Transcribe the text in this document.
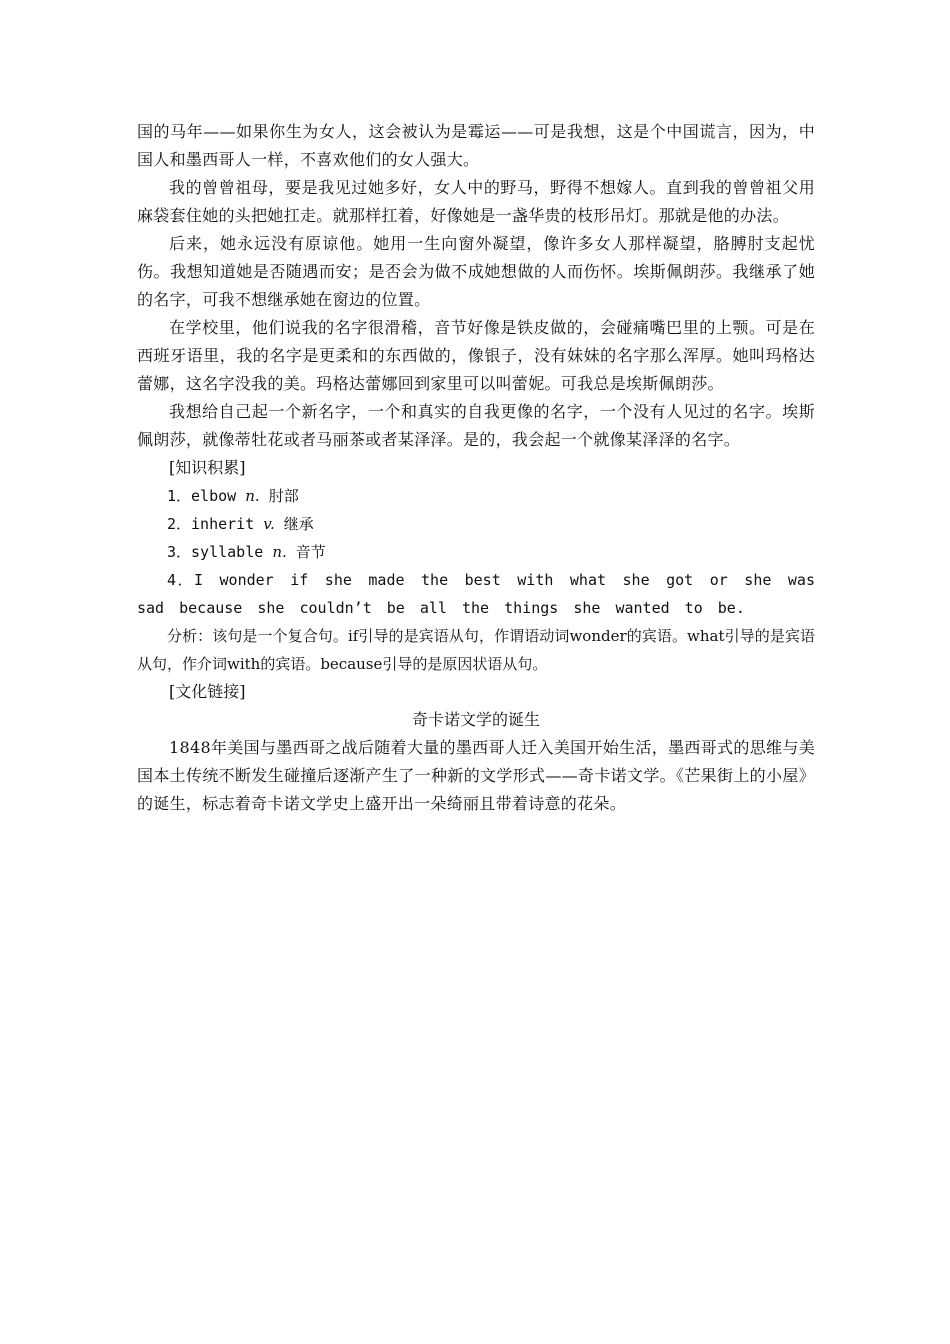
国的马年——如果你生为女人，这会被认为是霉运——可是我想，这是个中国谎言，因为，中国人和墨西哥人一样，不喜欢他们的女人强大。

我的曾曾祖母，要是我见过她多好，女人中的野马，野得不想嫁人。直到我的曾曾祖父用麻袋套住她的头把她扛走。就那样扛着，好像她是一盏华贵的枝形吊灯。那就是他的办法。

后来，她永远没有原谅他。她用一生向窗外凝望，像许多女人那样凝望，胳膊肘支起忧伤。我想知道她是否随遇而安；是否会为做不成她想做的人而伤怀。埃斯佩朗莎。我继承了她的名字，可我不想继承她在窗边的位置。

在学校里，他们说我的名字很滑稽，音节好像是铁皮做的，会碰痛嘴巴里的上颚。可是在西班牙语里，我的名字是更柔和的东西做的，像银子，没有妹妹的名字那么浑厚。她叫玛格达蕾娜，这名字没我的美。玛格达蕾娜回到家里可以叫蕾妮。可我总是埃斯佩朗莎。

我想给自己起一个新名字，一个和真实的自我更像的名字，一个没有人见过的名字。埃斯佩朗莎，就像蒂牡花或者马丽茶或者某泽泽。是的，我会起一个就像某泽泽的名字。

[知识积累]

1．elbow n. 肘部

2．inherit v. 继承

3．syllable n. 音节

4．I wonder if she made the best with what she got or she was sad because she couldn’t be all the things she wanted to be.

分析：该句是一个复合句。if引导的是宾语从句，作谓语动词wonder的宾语。what引导的是宾语从句，作介词with的宾语。because引导的是原因状语从句。

[文化链接]

奇卡诺文学的诞生

1848年美国与墨西哥之战后随着大量的墨西哥人迁入美国开始生活，墨西哥式的思维与美国本土传统不断发生碰撞后逐渐产生了一种新的文学形式——奇卡诺文学。《芒果街上的小屋》的诞生，标志着奇卡诺文学史上盛开出一朵绮丽且带着诗意的花朵。
